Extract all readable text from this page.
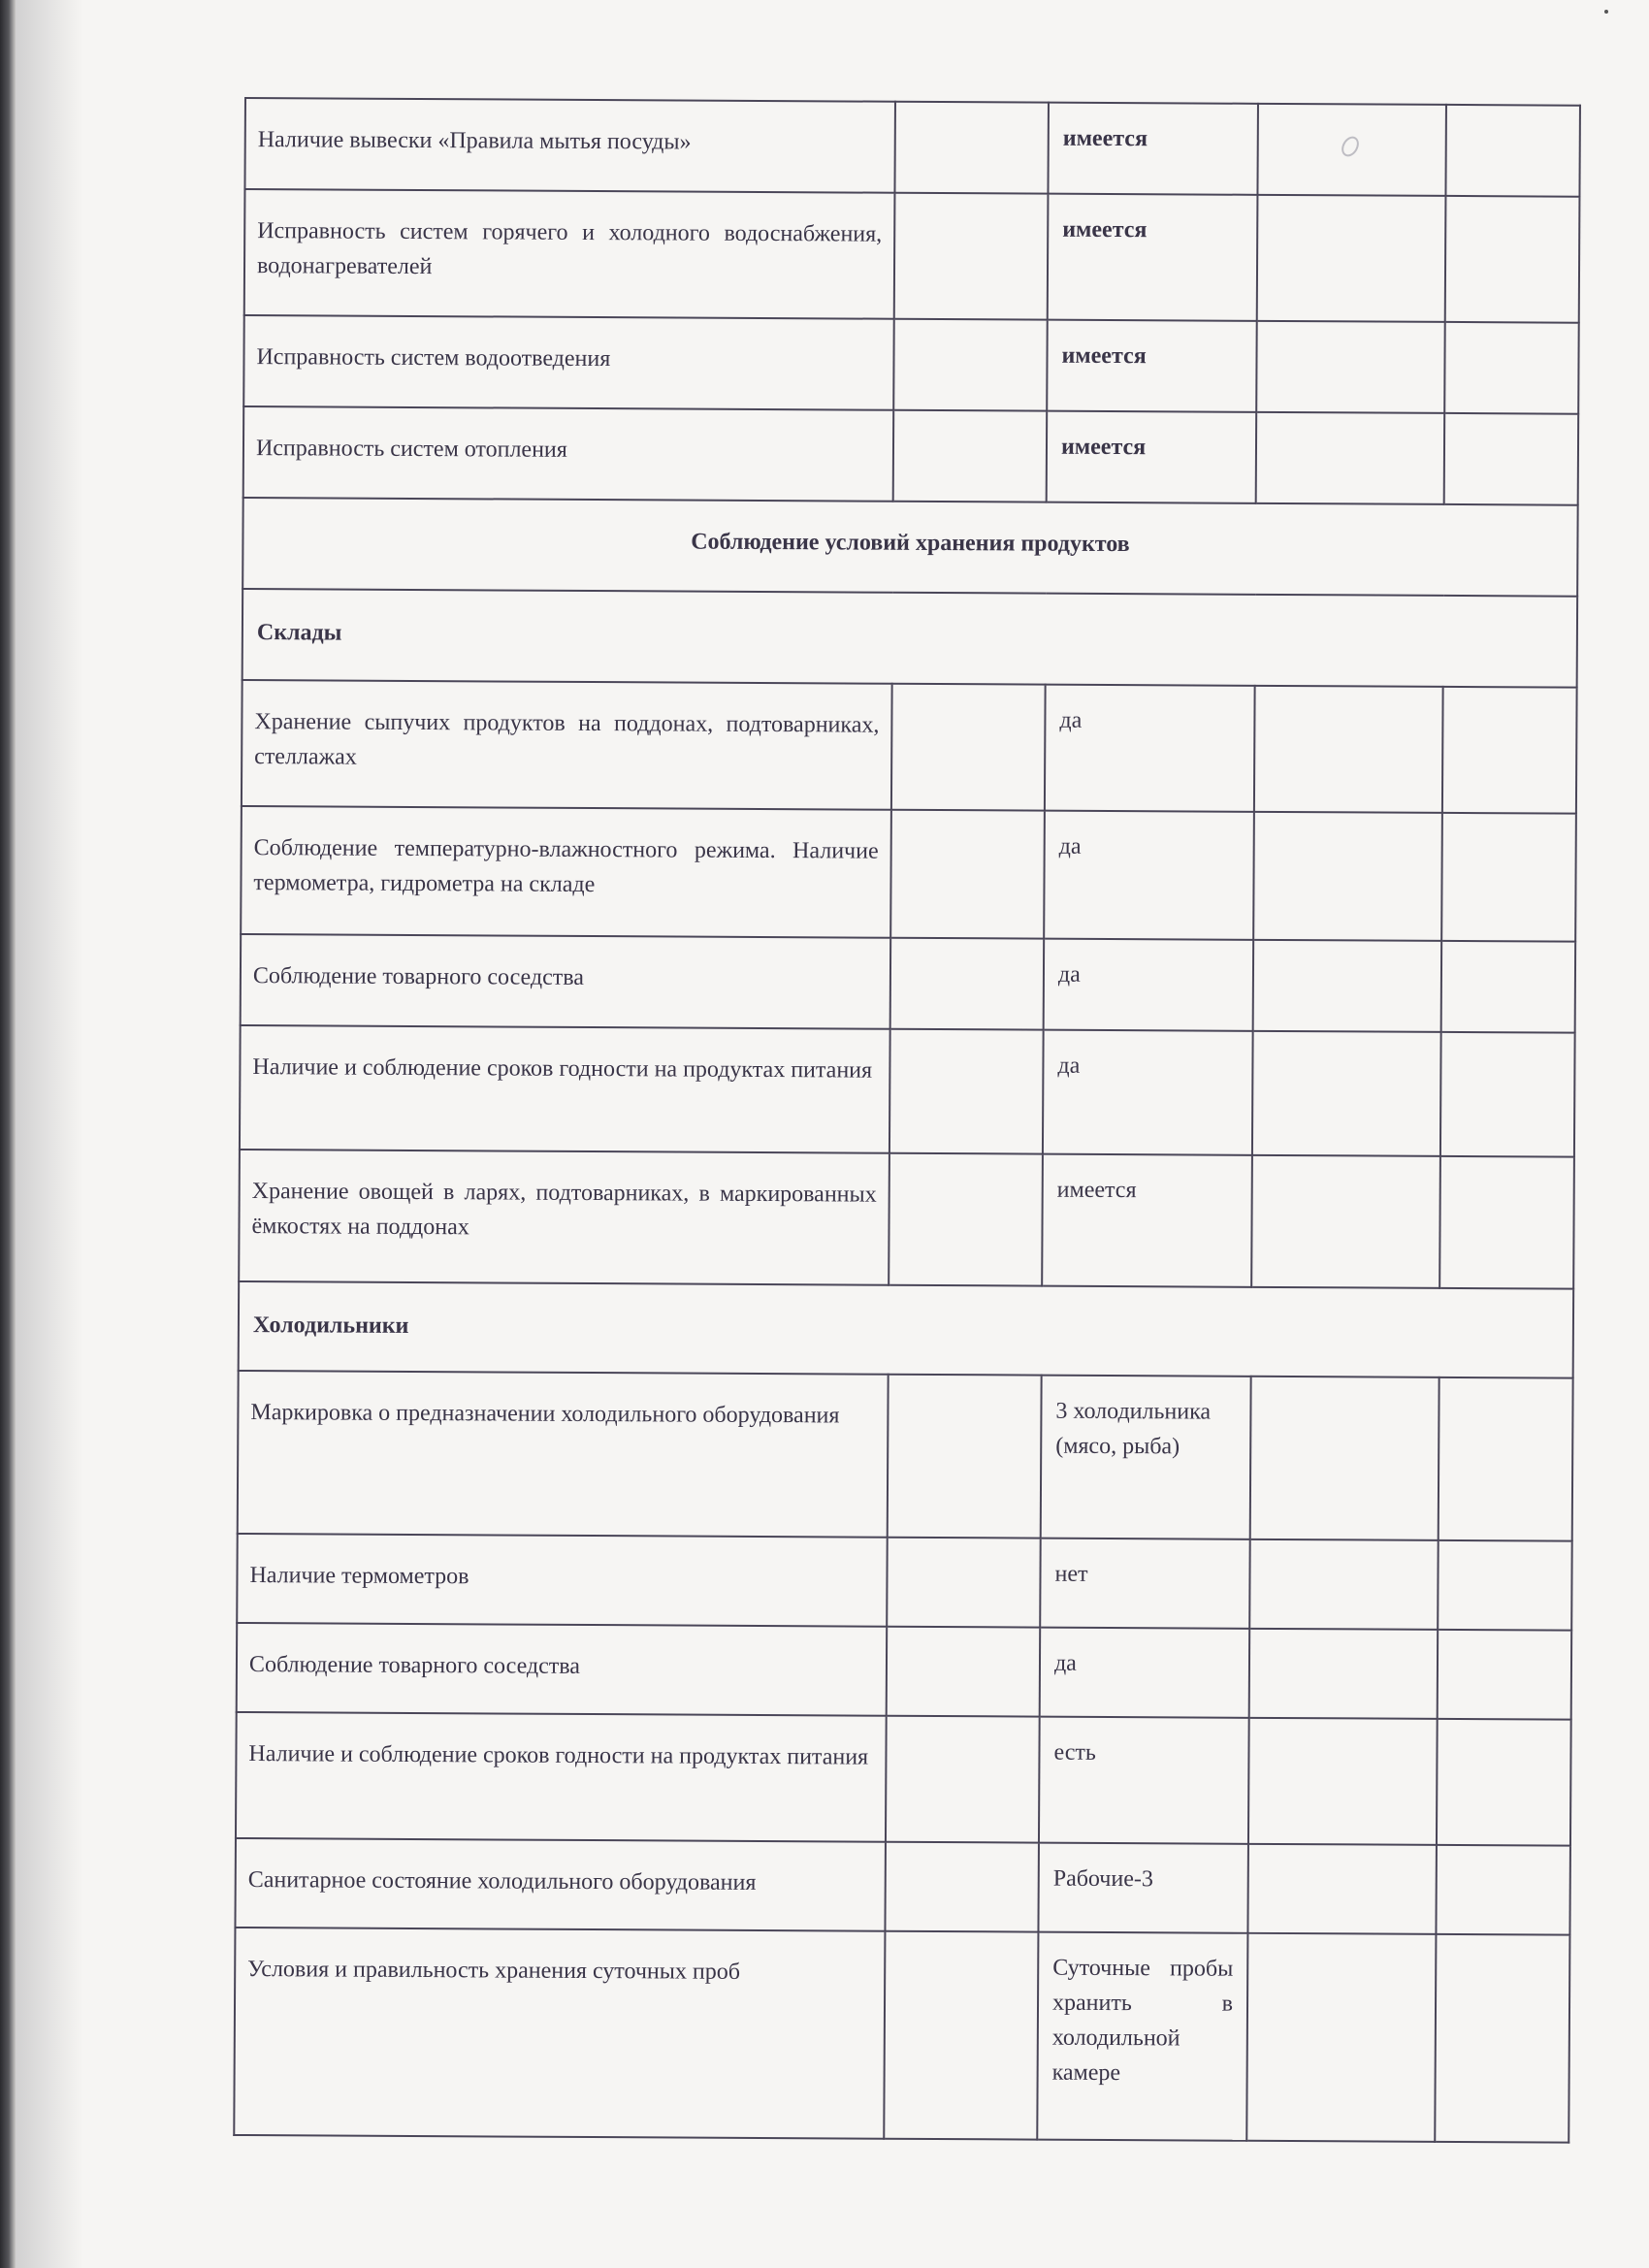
Наличие вывески «Правила мытья посуды»		имеется		
Исправность систем горячего и холодного водоснабжения, водонагревателей		имеется		
Исправность систем водоотведения		имеется		
Исправность систем отопления		имеется		
Соблюдение условий хранения продуктов				
Склады				
Хранение сыпучих продуктов на поддонах, подтоварниках, стеллажах		да		
Соблюдение температурно-влажностного режима. Наличие термометра, гидрометра на складе		да		
Соблюдение товарного соседства		да		
Наличие и соблюдение сроков годности на продуктах питания		да		
Хранение овощей в ларях, подтоварниках, в маркированных ёмкостях на поддонах		имеется		
Холодильники				
Маркировка о предназначении холодильного оборудования		3 холодильника (мясо, рыба)		
Наличие термометров		нет		
Соблюдение товарного соседства		да		
Наличие и соблюдение сроков годности на продуктах питания		есть		
Санитарное состояние холодильного оборудования		Рабочие-3		
Условия и правильность хранения суточных проб		Суточные пробы хранить в холодильной камере		
